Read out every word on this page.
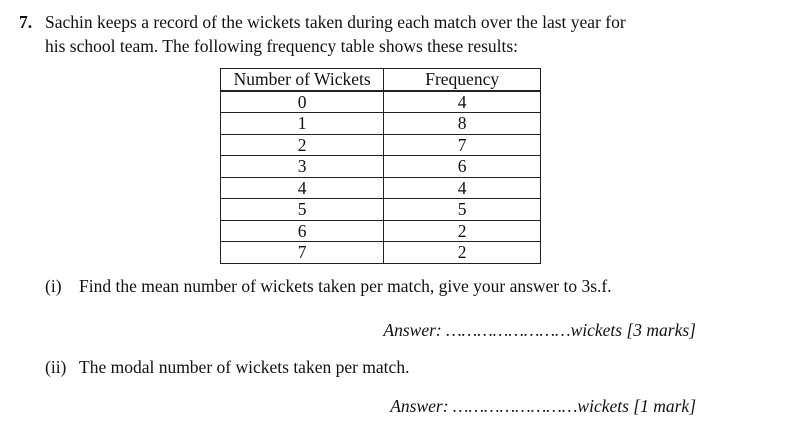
7. Sachin keeps a record of the wickets taken during each match over the last year for
his school team. The following frequency table shows these results:
Number of Wickets	Frequency
0	4
1	8
2	7
3	6
4	4
5	5
6	2
7	2
(i) Find the mean number of wickets taken per match, give your answer to 3s.f.
Answer: ……………………wickets [3 marks]
(ii) The modal number of wickets taken per match.
Answer: ……………………wickets [1 mark]
